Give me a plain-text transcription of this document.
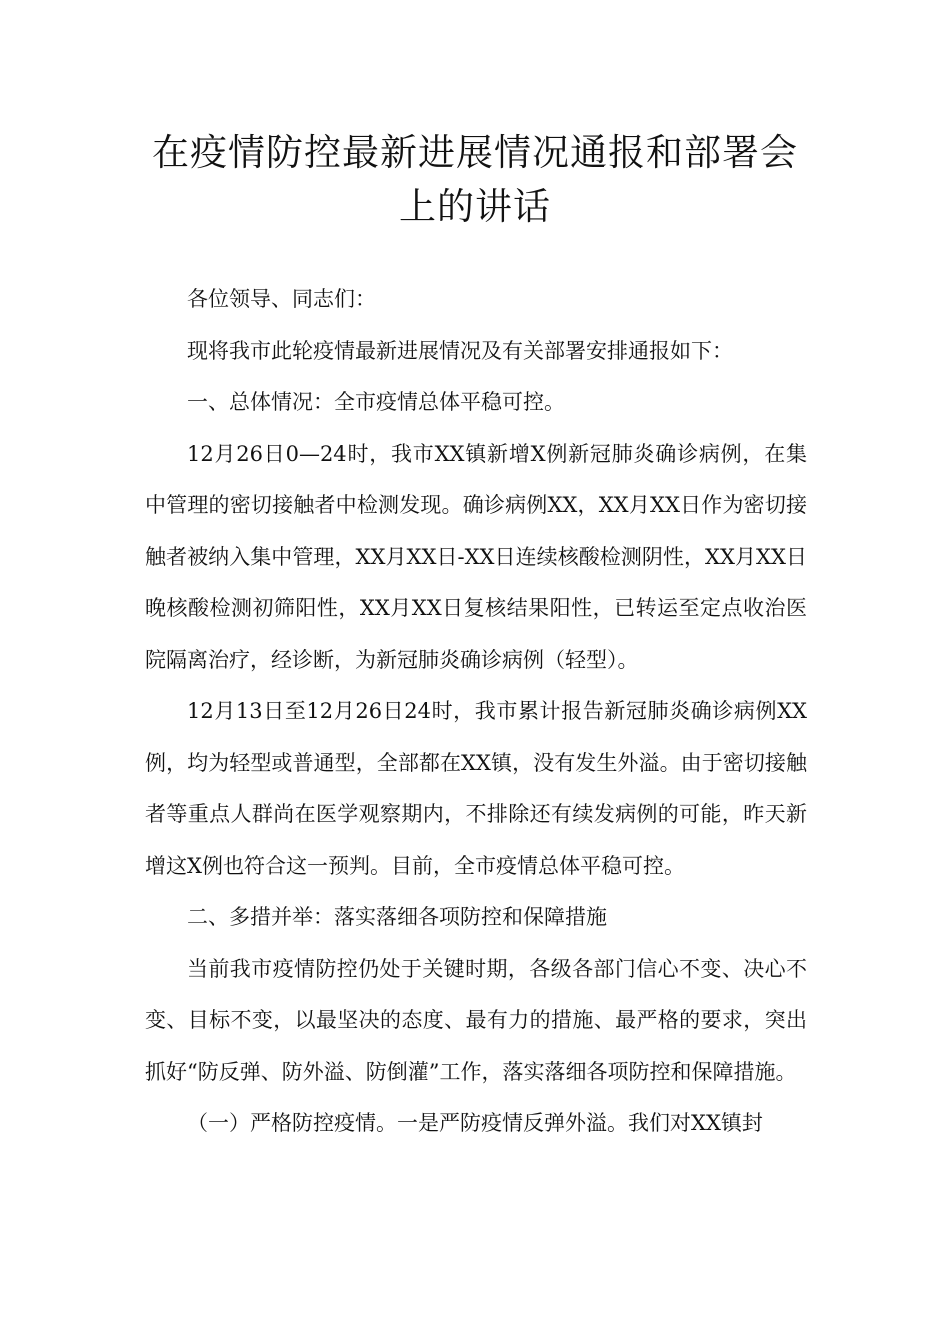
在疫情防控最新进展情况通报和部署会
上的讲话

各位领导、同志们：

现将我市此轮疫情最新进展情况及有关部署安排通报如下：

一、总体情况：全市疫情总体平稳可控。

12月26日0—24时，我市XX镇新增X例新冠肺炎确诊病例，在集中管理的密切接触者中检测发现。确诊病例XX，XX月XX日作为密切接触者被纳入集中管理，XX月XX日-XX日连续核酸检测阴性，XX月XX日晚核酸检测初筛阳性，XX月XX日复核结果阳性，已转运至定点收治医院隔离治疗，经诊断，为新冠肺炎确诊病例（轻型）。

12月13日至12月26日24时，我市累计报告新冠肺炎确诊病例XX例，均为轻型或普通型，全部都在XX镇，没有发生外溢。由于密切接触者等重点人群尚在医学观察期内，不排除还有续发病例的可能，昨天新增这X例也符合这一预判。目前，全市疫情总体平稳可控。

二、多措并举：落实落细各项防控和保障措施

当前我市疫情防控仍处于关键时期，各级各部门信心不变、决心不变、目标不变，以最坚决的态度、最有力的措施、最严格的要求，突出抓好“防反弹、防外溢、防倒灌”工作，落实落细各项防控和保障措施。

（一）严格防控疫情。一是严防疫情反弹外溢。我们对XX镇封
